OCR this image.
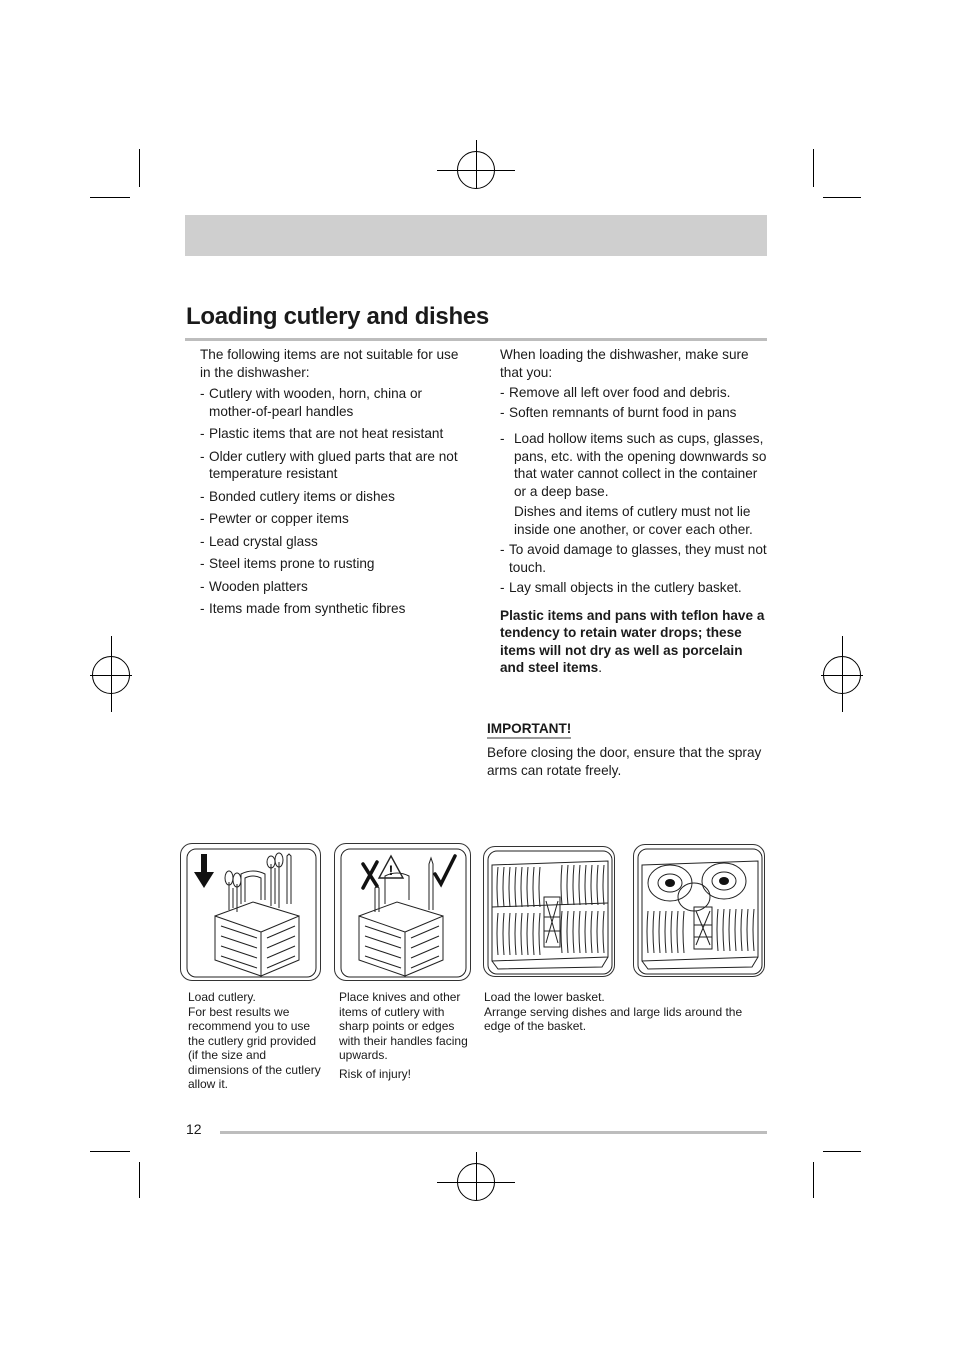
Loading cutlery and dishes

The following items are not suitable for use in the dishwasher:

- Cutlery with wooden, horn, china or mother-of-pearl handles
- Plastic items that are not heat resistant
- Older cutlery with glued parts that are not temperature resistant
- Bonded cutlery items or dishes
- Pewter or copper items
- Lead crystal glass
- Steel items prone to rusting
- Wooden platters
- Items made from synthetic fibres

When loading the dishwasher, make sure that you:

- Remove all left over food and debris.
- Soften remnants of burnt food in pans
- Load hollow items such as cups, glasses, pans, etc. with the opening downwards so that water cannot collect in the container or a deep base.

Dishes and items of cutlery must not lie inside one another, or cover each other.

- To avoid damage to glasses, they must not touch.
- Lay small objects in the cutlery basket.

Plastic items and pans with teflon have a tendency to retain water drops; these items will not dry as well as porcelain and steel items.

IMPORTANT!
Before closing the door, ensure that the spray arms can rotate freely.
!

Load cutlery.

For best results we recommend you to use the cutlery grid provided (if the size and dimensions of the cutlery allow it.

Place knives and other items of cutlery with sharp points or edges with their handles facing upwards.

Risk of injury!

Load the lower basket.

Arrange serving dishes and large lids around the edge of the basket.

12
